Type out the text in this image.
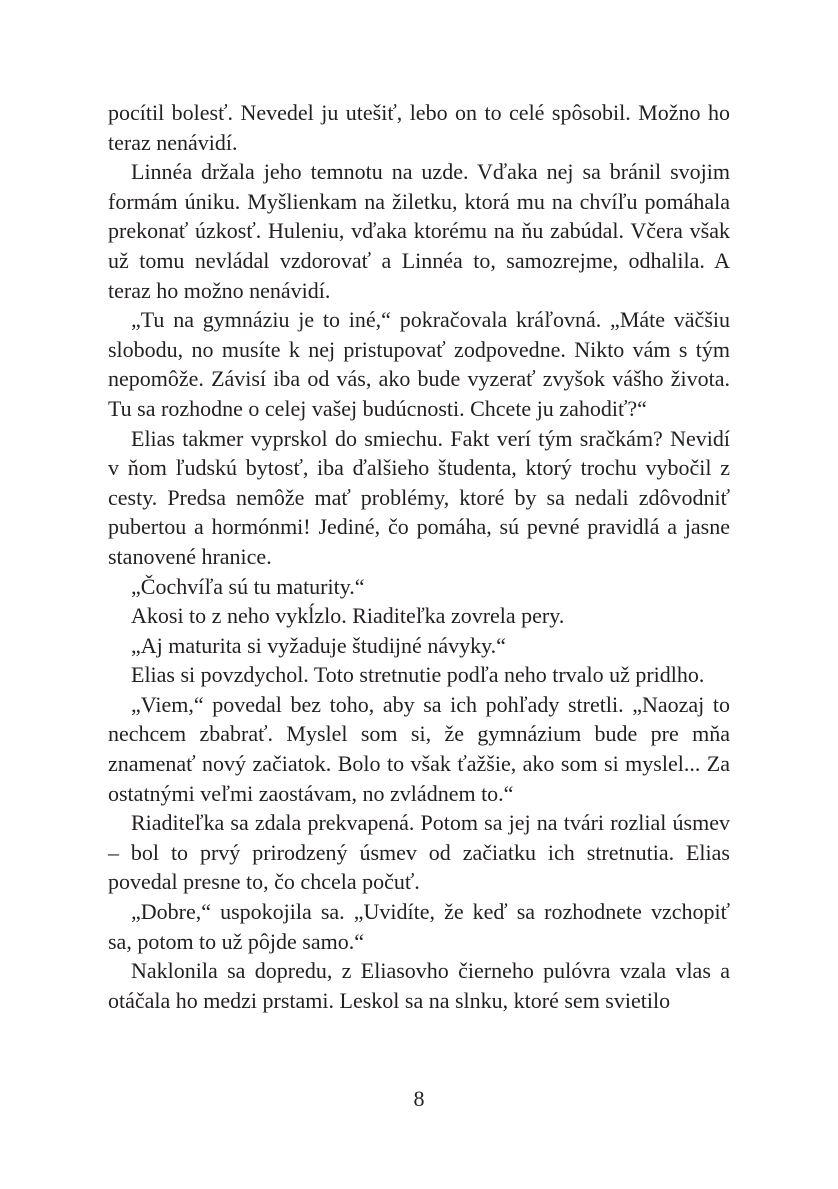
pocítil bolesť. Nevedel ju utešiť, lebo on to celé spôsobil. Možno ho teraz nenávidí.

Linnéa držala jeho temnotu na uzde. Vďaka nej sa bránil svojim formám úniku. Myšlienkam na žiletku, ktorá mu na chvíľu pomáhala prekonať úzkosť. Huleniu, vďaka ktorému na ňu zabúdal. Včera však už tomu nevládal vzdorovať a Linnéa to, samozrejme, odhalila. A teraz ho možno nenávidí.

„Tu na gymnáziu je to iné,“ pokračovala kráľovná. „Máte väčšiu slobodu, no musíte k nej pristupovať zodpovedne. Nikto vám s tým nepomôže. Závisí iba od vás, ako bude vyzerať zvyšok vášho života. Tu sa rozhodne o celej vašej budúcnosti. Chcete ju zahodiť?“

Elias takmer vyprskol do smiechu. Fakt verí tým sračkám? Nevidí v ňom ľudskú bytosť, iba ďalšieho študenta, ktorý trochu vybočil z cesty. Predsa nemôže mať problémy, ktoré by sa nedali zdôvodniť pubertou a hormónmi! Jediné, čo pomáha, sú pevné pravidlá a jasne stanovené hranice.

„Čochvíľa sú tu maturity.“

Akosi to z neho vykĺzlo. Riaditeľka zovrela pery.

„Aj maturita si vyžaduje študijné návyky.“

Elias si povzdychol. Toto stretnutie podľa neho trvalo už pridlho.

„Viem,“ povedal bez toho, aby sa ich pohľady stretli. „Naozaj to nechcem zbabrať. Myslel som si, že gymnázium bude pre mňa znamenať nový začiatok. Bolo to však ťažšie, ako som si myslel... Za ostatnými veľmi zaostávam, no zvládnem to.“

Riaditeľka sa zdala prekvapená. Potom sa jej na tvári rozlial úsmev – bol to prvý prirodzený úsmev od začiatku ich stretnutia. Elias povedal presne to, čo chcela počuť.

„Dobre,“ uspokojila sa. „Uvidíte, že keď sa rozhodnete vzchopiť sa, potom to už pôjde samo.“

Naklonila sa dopredu, z Eliasovho čierneho pulóvra vzala vlas a otáčala ho medzi prstami. Leskol sa na slnku, ktoré sem svietilo

8
